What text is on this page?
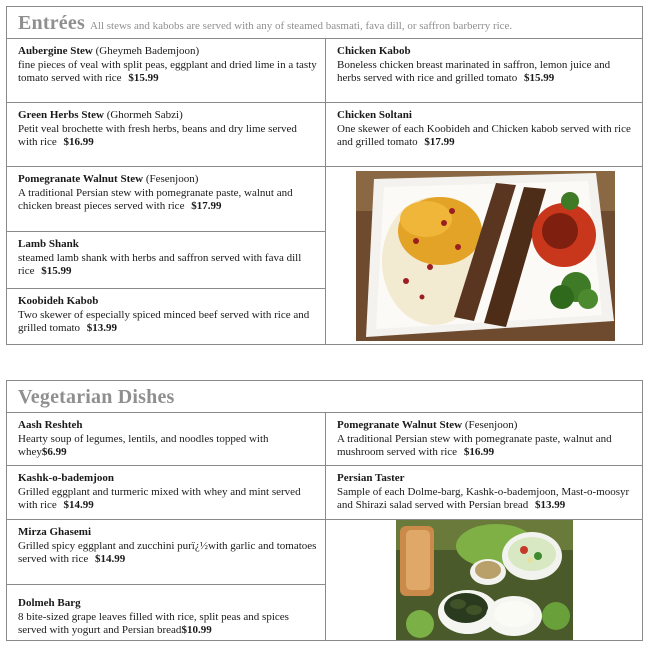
Entrées All stews and kabobs are served with any of steamed basmati, fava dill, or saffron barberry rice.
Aubergine Stew (Gheymeh Bademjoon)
fine pieces of veal with split peas, eggplant and dried lime in a tasty tomato served with rice $15.99
Green Herbs Stew (Ghormeh Sabzi)
Petit veal brochette with fresh herbs, beans and dry lime served with rice $16.99
Pomegranate Walnut Stew (Fesenjoon)
A traditional Persian stew with pomegranate paste, walnut and chicken breast pieces served with rice $17.99
Lamb Shank
steamed lamb shank with herbs and saffron served with fava dill rice $15.99
Koobideh Kabob
Two skewer of especially spiced minced beef served with rice and grilled tomato $13.99
Chicken Kabob
Boneless chicken breast marinated in saffron, lemon juice and herbs served with rice and grilled tomato $15.99
Chicken Soltani
One skewer of each Koobideh and Chicken kabob served with rice and grilled tomato $17.99
Vegetarian Dishes
Aash Reshteh
Hearty soup of legumes, lentils, and noodles topped with whey$6.99
Kashk-o-bademjoon
Grilled eggplant and turmeric mixed with whey and mint served with rice $14.99
Mirza Ghasemi
Grilled spicy eggplant and zucchini purï¿½with garlic and tomatoes served with rice $14.99
Dolmeh Barg
8 bite-sized grape leaves filled with rice, split peas and spices served with yogurt and Persian bread$10.99
Pomegranate Walnut Stew (Fesenjoon)
A traditional Persian stew with pomegranate paste, walnut and mushroom served with rice $16.99
Persian Taster
Sample of each Dolme-barg, Kashk-o-bademjoon, Mast-o-moosyr and Shirazi salad served with Persian bread $13.99
